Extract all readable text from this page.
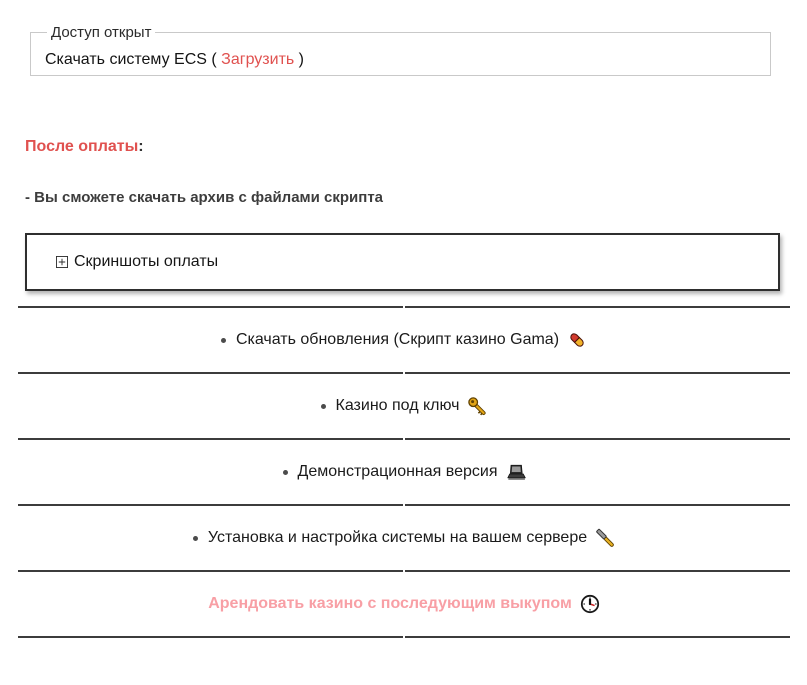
Доступ открыт
Скачать систему ECS ( Загрузить )
После оплаты:
- Вы сможете скачать архив с файлами скрипта
Скриншоты оплаты
Скачать обновления (Скрипт казино Gama)
Казино под ключ
Демонстрационная версия
Установка и настройка системы на вашем сервере
Арендовать казино с последующим выкупом
